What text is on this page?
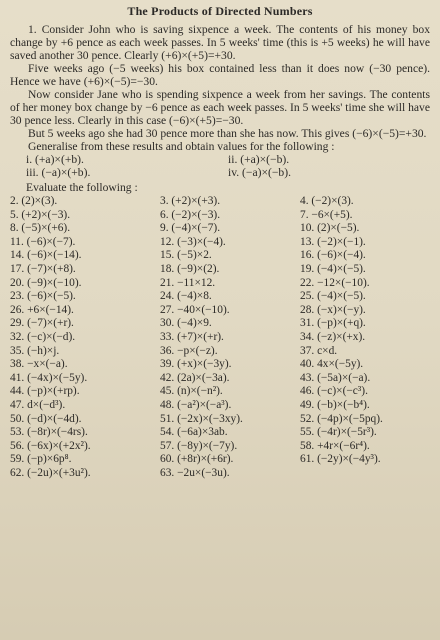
The Products of Directed Numbers

1. Consider John who is saving sixpence a week. The contents of his money box change by +6 pence as each week passes. In 5 weeks' time (this is +5 weeks) he will have saved another 30 pence. Clearly (+6)×(+5)=+30.

Five weeks ago (−5 weeks) his box contained less than it does now (−30 pence). Hence we have (+6)×(−5)=−30.

Now consider Jane who is spending sixpence a week from her savings. The contents of her money box change by −6 pence as each week passes. In 5 weeks' time she will have 30 pence less. Clearly in this case (−6)×(+5)=−30.

But 5 weeks ago she had 30 pence more than she has now. This gives (−6)×(−5)=+30.

Generalise from these results and obtain values for the following :

i. (+a)×(+b).	ii. (+a)×(−b).
iii. (−a)×(+b).	iv. (−a)×(−b).
Evaluate the following :
2. (2)×(3).	3. (+2)×(+3).	4. (−2)×(3).
5. (+2)×(−3).	6. (−2)×(−3).	7. −6×(+5).
8. (−5)×(+6).	9. (−4)×(−7).	10. (2)×(−5).
11. (−6)×(−7).	12. (−3)×(−4).	13. (−2)×(−1).
14. (−6)×(−14).	15. (−5)×2.	16. (−6)×(−4).
17. (−7)×(+8).	18. (−9)×(2).	19. (−4)×(−5).
20. (−9)×(−10).	21. −11×12.	22. −12×(−10).
23. (−6)×(−5).	24. (−4)×8.	25. (−4)×(−5).
26. +6×(−14).	27. −40×(−10).	28. (−x)×(−y).
29. (−7)×(+r).	30. (−4)×9.	31. (−p)×(+q).
32. (−c)×(−d).	33. (+7)×(+r).	34. (−z)×(+x).
35. (−h)×j.	36. −p×(−z).	37. c×d.
38. −x×(−a).	39. (+x)×(−3y).	40. 4x×(−5y).
41. (−4x)×(−5y).	42. (2a)×(−3a).	43. (−5a)×(−a).
44. (−p)×(+rp).	45. (n)×(−n²).	46. (−c)×(−c³).
47. d×(−d³).	48. (−a²)×(−a³).	49. (−b)×(−b⁴).
50. (−d)×(−4d).	51. (−2x)×(−3xy).	52. (−4p)×(−5pq).
53. (−8r)×(−4rs).	54. (−6a)×3ab.	55. (−4r)×(−5r³).
56. (−6x)×(+2x²).	57. (−8y)×(−7y).	58. +4r×(−6r⁴).
59. (−p)×6p⁸.	60. (+8r)×(+6r).	61. (−2y)×(−4y³).
62. (−2u)×(+3u²).	63. −2u×(−3u).
